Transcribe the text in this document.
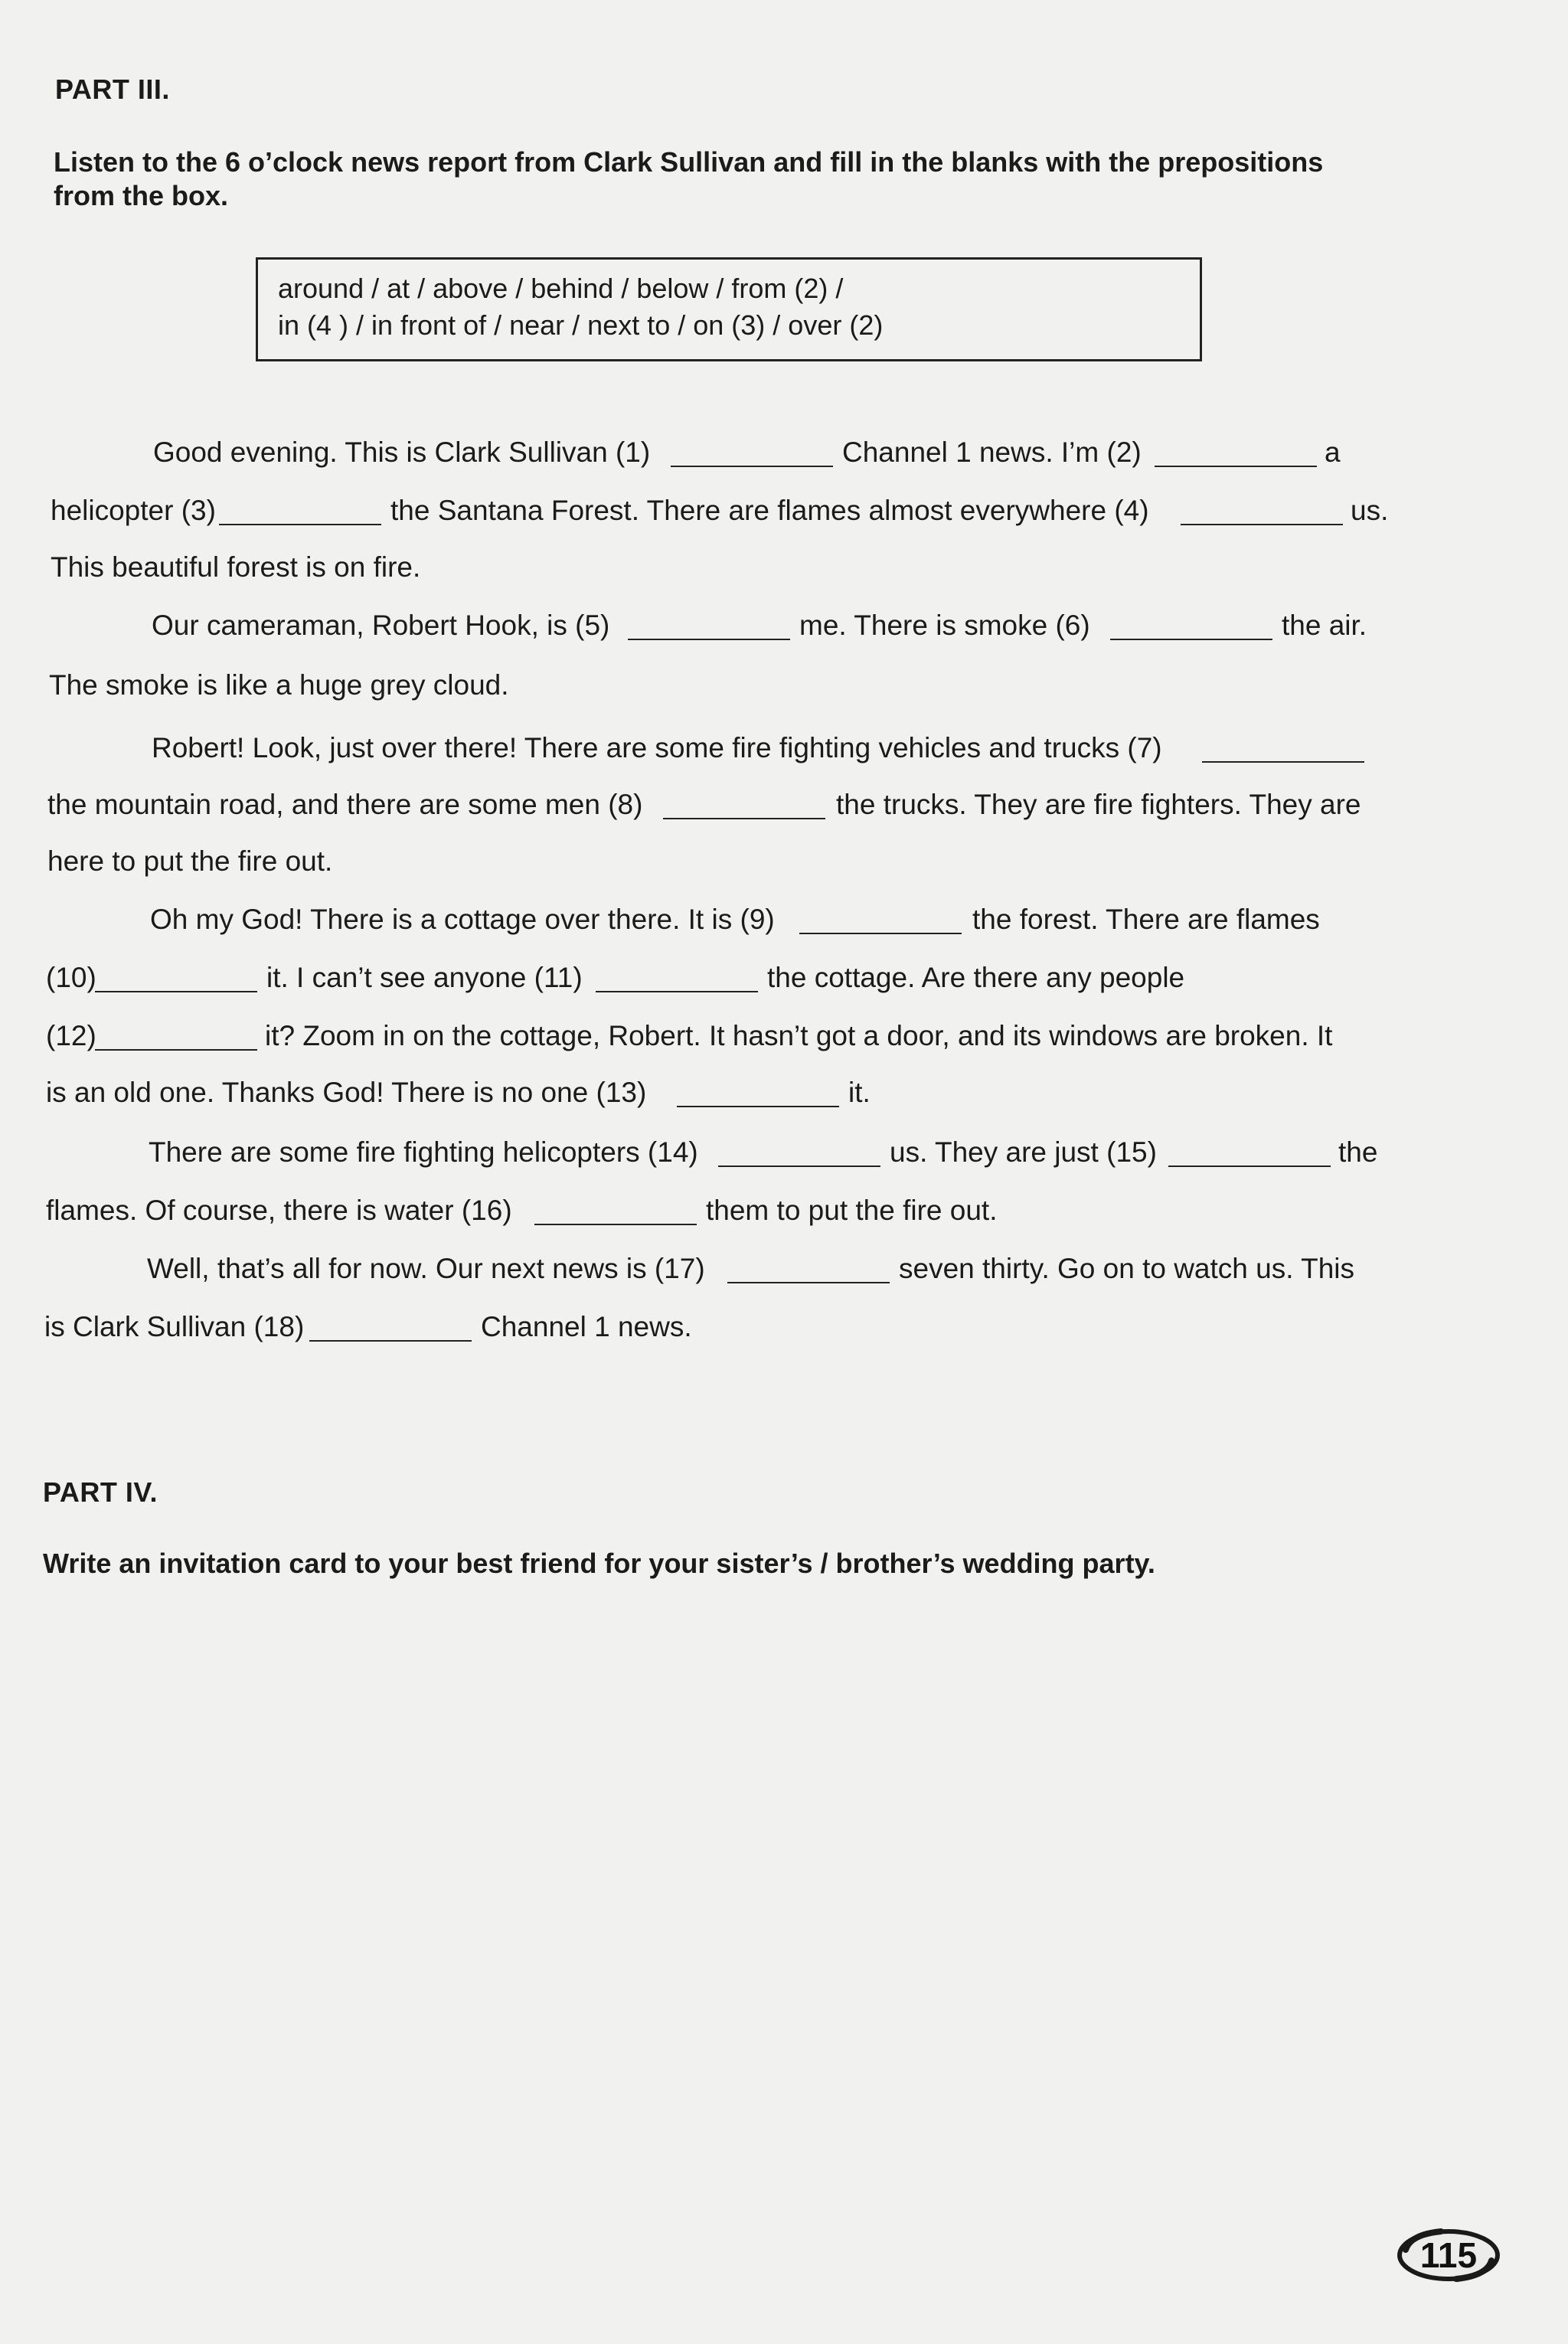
PART III.
Listen to the 6 o’clock news report from Clark Sullivan and fill in the blanks with the prepositions
from the box.
around / at / above / behind / below / from (2) /
in (4 ) / in front of / near / next to / on (3) / over (2)
Good evening. This is Clark Sullivan (1)	Channel 1 news. I’m (2)	a
helicopter (3)	the Santana Forest. There are flames almost everywhere (4)	us.
This beautiful forest is on fire.
Our cameraman, Robert Hook, is (5)	me. There is smoke (6)	the air.
The smoke is like a huge grey cloud.
Robert! Look, just over there! There are some fire fighting vehicles and trucks (7)
the mountain road, and there are some men (8)	the trucks. They are fire fighters. They are
here to put the fire out.
Oh my God! There is a cottage over there. It is (9)	the forest. There are flames
(10)	it. I can’t see anyone (11)	the cottage. Are there any people
(12)	it? Zoom in on the cottage, Robert. It hasn’t got a door, and its windows are broken. It
is an old one. Thanks God! There is no one (13)	it.
There are some fire fighting helicopters (14)	us. They are just (15)	the
flames. Of course, there is water (16)	them to put the fire out.
Well, that’s all for now. Our next news is (17)	seven thirty. Go on to watch us. This
is Clark Sullivan (18)	Channel 1 news.
PART IV.
Write an invitation card to your best friend for your sister’s / brother’s wedding party.
115
